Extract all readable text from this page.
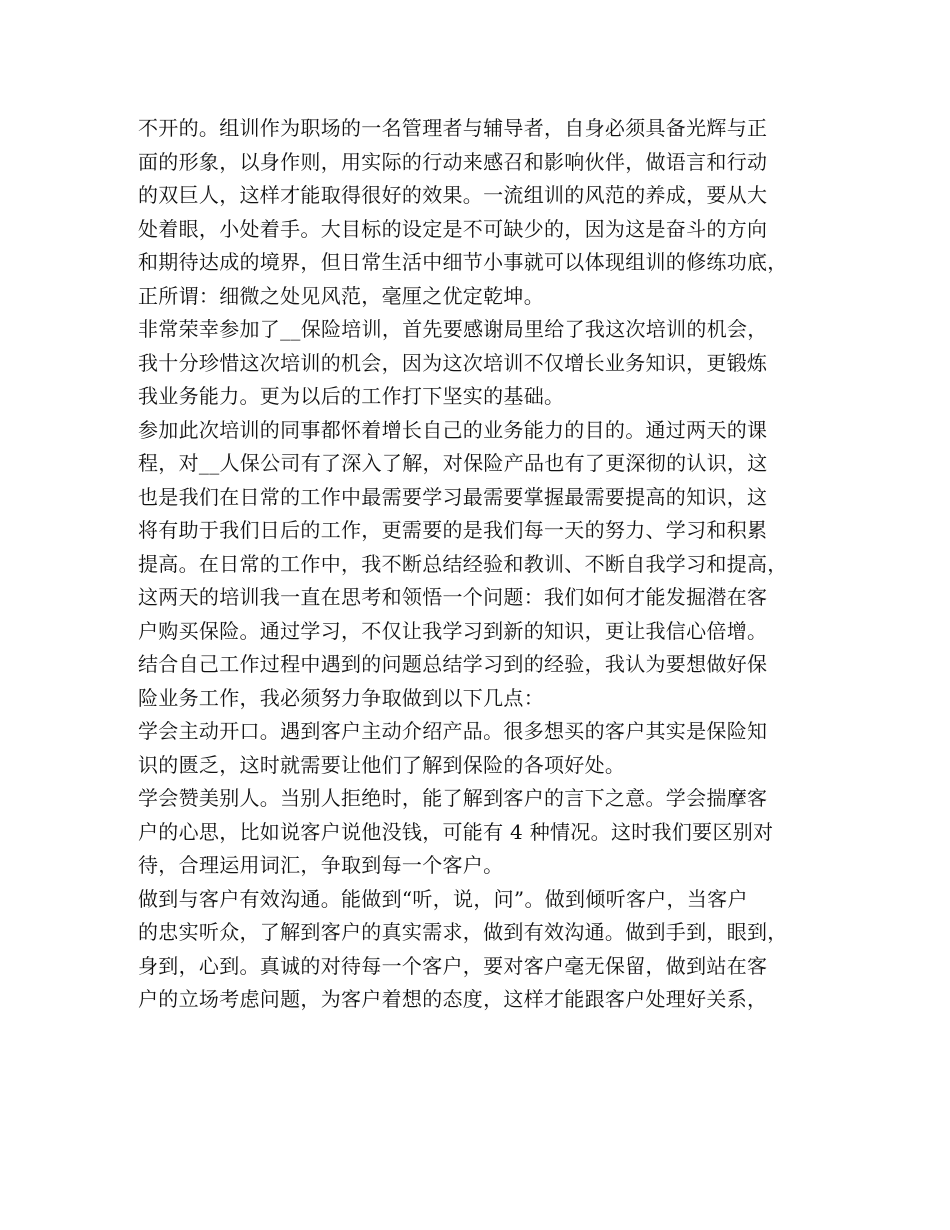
不开的。组训作为职场的一名管理者与辅导者，自身必须具备光辉与正
面的形象，以身作则，用实际的行动来感召和影响伙伴，做语言和行动
的双巨人，这样才能取得很好的效果。一流组训的风范的养成，要从大
处着眼，小处着手。大目标的设定是不可缺少的，因为这是奋斗的方向
和期待达成的境界，但日常生活中细节小事就可以体现组训的修练功底，
正所谓：细微之处见风范，毫厘之优定乾坤。
非常荣幸参加了__保险培训，首先要感谢局里给了我这次培训的机会，
我十分珍惜这次培训的机会，因为这次培训不仅增长业务知识，更锻炼
我业务能力。更为以后的工作打下坚实的基础。
参加此次培训的同事都怀着增长自己的业务能力的目的。通过两天的课
程，对__人保公司有了深入了解，对保险产品也有了更深彻的认识，这
也是我们在日常的工作中最需要学习最需要掌握最需要提高的知识，这
将有助于我们日后的工作，更需要的是我们每一天的努力、学习和积累
提高。在日常的工作中，我不断总结经验和教训、不断自我学习和提高，
这两天的培训我一直在思考和领悟一个问题：我们如何才能发掘潜在客
户购买保险。通过学习，不仅让我学习到新的知识，更让我信心倍增。
结合自己工作过程中遇到的问题总结学习到的经验，我认为要想做好保
险业务工作，我必须努力争取做到以下几点：
学会主动开口。遇到客户主动介绍产品。很多想买的客户其实是保险知
识的匮乏，这时就需要让他们了解到保险的各项好处。
学会赞美别人。当别人拒绝时，能了解到客户的言下之意。学会揣摩客
户的心思，比如说客户说他没钱，可能有 4 种情况。这时我们要区别对
待，合理运用词汇，争取到每一个客户。
做到与客户有效沟通。能做到“听，说，问”。做到倾听客户，当客户
的忠实听众，了解到客户的真实需求，做到有效沟通。做到手到，眼到，
身到，心到。真诚的对待每一个客户，要对客户毫无保留，做到站在客
户的立场考虑问题，为客户着想的态度，这样才能跟客户处理好关系，
